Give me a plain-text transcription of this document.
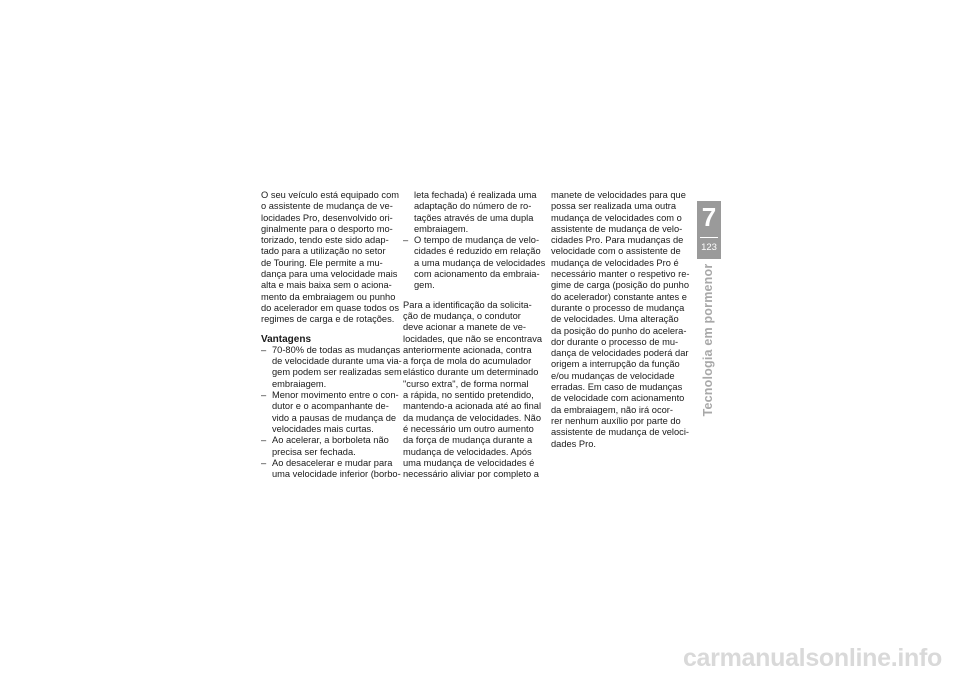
O seu veículo está equipado com
o assistente de mudança de ve-
locidades Pro, desenvolvido ori-
ginalmente para o desporto mo-
torizado, tendo este sido adap-
tado para a utilização no setor
de Touring. Ele permite a mu-
dança para uma velocidade mais
alta e mais baixa sem o aciona-
mento da embraiagem ou punho
do acelerador em quase todos os
regimes de carga e de rotações.
Vantagens
– 70-80% de todas as mudanças
de velocidade durante uma via-
gem podem ser realizadas sem
embraiagem.
– Menor movimento entre o con-
dutor e o acompanhante de-
vido a pausas de mudança de
velocidades mais curtas.
– Ao acelerar, a borboleta não
precisa ser fechada.
– Ao desacelerar e mudar para
uma velocidade inferior (borbo-
leta fechada) é realizada uma
adaptação do número de ro-
tações através de uma dupla
embraiagem.
– O tempo de mudança de velo-
cidades é reduzido em relação
a uma mudança de velocidades
com acionamento da embraia-
gem.
Para a identificação da solicita-
ção de mudança, o condutor
deve acionar a manete de ve-
locidades, que não se encontrava
anteriormente acionada, contra
a força de mola do acumulador
elástico durante um determinado
"curso extra", de forma normal
a rápida, no sentido pretendido,
mantendo-a acionada até ao final
da mudança de velocidades. Não
é necessário um outro aumento
da força de mudança durante a
mudança de velocidades. Após
uma mudança de velocidades é
necessário aliviar por completo a
manete de velocidades para que
possa ser realizada uma outra
mudança de velocidades com o
assistente de mudança de velo-
cidades Pro. Para mudanças de
velocidade com o assistente de
mudança de velocidades Pro é
necessário manter o respetivo re-
gime de carga (posição do punho
do acelerador) constante antes e
durante o processo de mudança
de velocidades. Uma alteração
da posição do punho do acelera-
dor durante o processo de mu-
dança de velocidades poderá dar
origem a interrupção da função
e/ou mudanças de velocidade
erradas. Em caso de mudanças
de velocidade com acionamento
da embraiagem, não irá ocor-
rer nenhum auxílio por parte do
assistente de mudança de veloci-
dades Pro.
7
123
Tecnologia em pormenor
carmanualsonline.info
